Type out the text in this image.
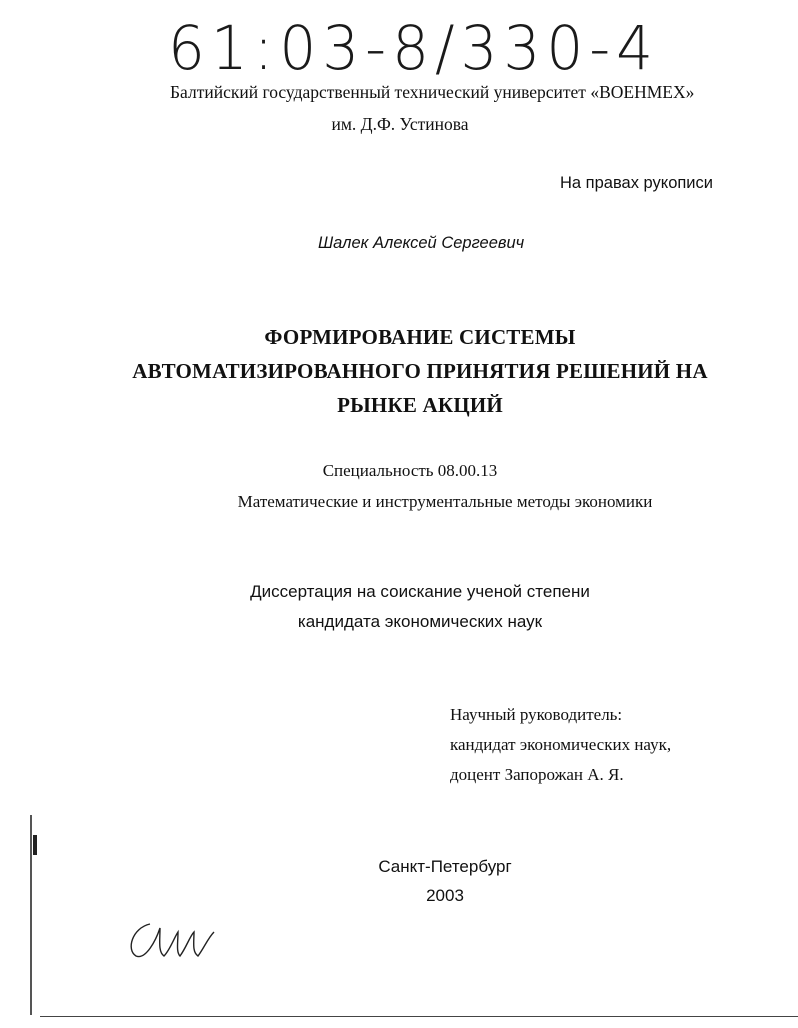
61:03-8/330-4
Балтийский государственный технический университет «ВОЕНМЕХ»
им. Д.Ф. Устинова
На правах рукописи
Шалек Алексей Сергеевич
ФОРМИРОВАНИЕ СИСТЕМЫ
АВТОМАТИЗИРОВАННОГО ПРИНЯТИЯ РЕШЕНИЙ НА
РЫНКЕ АКЦИЙ
Специальность 08.00.13
Математические и инструментальные методы экономики
Диссертация на соискание ученой степени
кандидата экономических наук
Научный руководитель:
кандидат экономических наук,
доцент Запорожан А. Я.
Санкт-Петербург
2003
